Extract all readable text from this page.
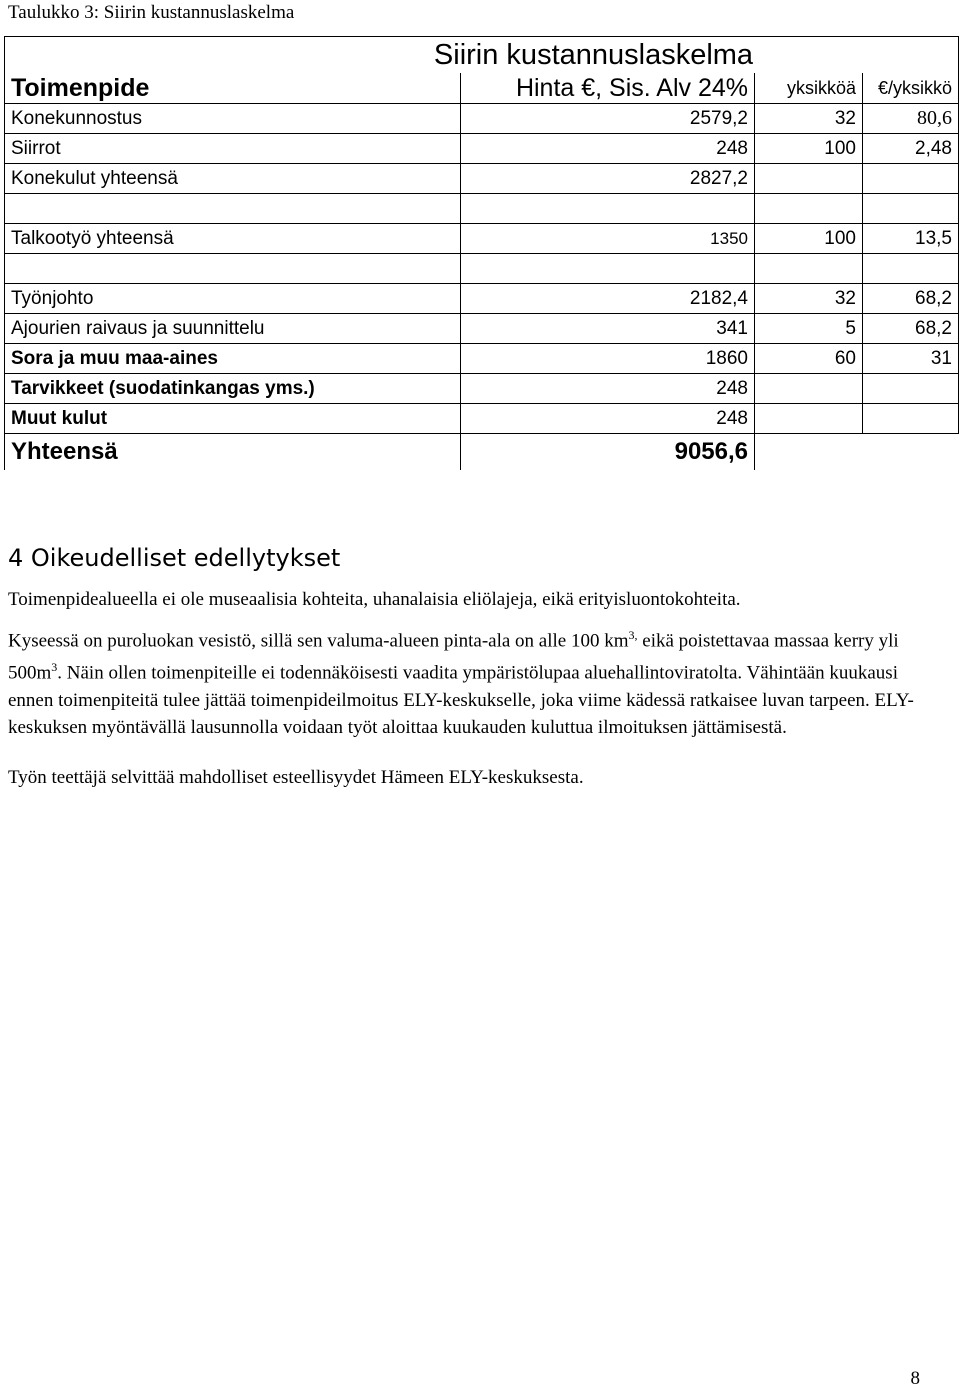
Taulukko 3: Siirin kustannuslaskelma
Siirin kustannuslaskelma			
Toimenpide	Hinta €, Sis. Alv 24%	yksikköä	€/yksikkö
Konekunnostus	2579,2	32	80,6
Siirrot	248	100	2,48
Konekulut yhteensä	2827,2		

Talkootyö yhteensä	1350	100	13,5

Työnjohto	2182,4	32	68,2
Ajourien raivaus ja suunnittelu	341	5	68,2
Sora ja muu maa-aines	1860	60	31
Tarvikkeet (suodatinkangas yms.)	248		
Muut kulut	248		
Yhteensä	9056,6		
4 Oikeudelliset edellytykset

Toimenpidealueella ei ole museaalisia kohteita, uhanalaisia eliölajeja, eikä erityisluontokohteita.

Kyseessä on puroluokan vesistö, sillä sen valuma-alueen pinta-ala on alle 100 $km^{3,}$ eikä poistettavaa massaa kerry yli $500m^3$. Näin ollen toimenpiteille ei todennäköisesti vaadita ympäristölupaa aluehallintoviratolta. Vähintään kuukausi ennen toimenpiteitä tulee jättää toimenpideilmoitus ELY-keskukselle, joka viime kädessä ratkaisee luvan tarpeen. ELY-keskuksen myöntävällä lausunnolla voidaan työt aloittaa kuukauden kuluttua ilmoituksen jättämisestä.

Työn teettäjä selvittää mahdolliset esteellisyydet Hämeen ELY-keskuksesta.

8
